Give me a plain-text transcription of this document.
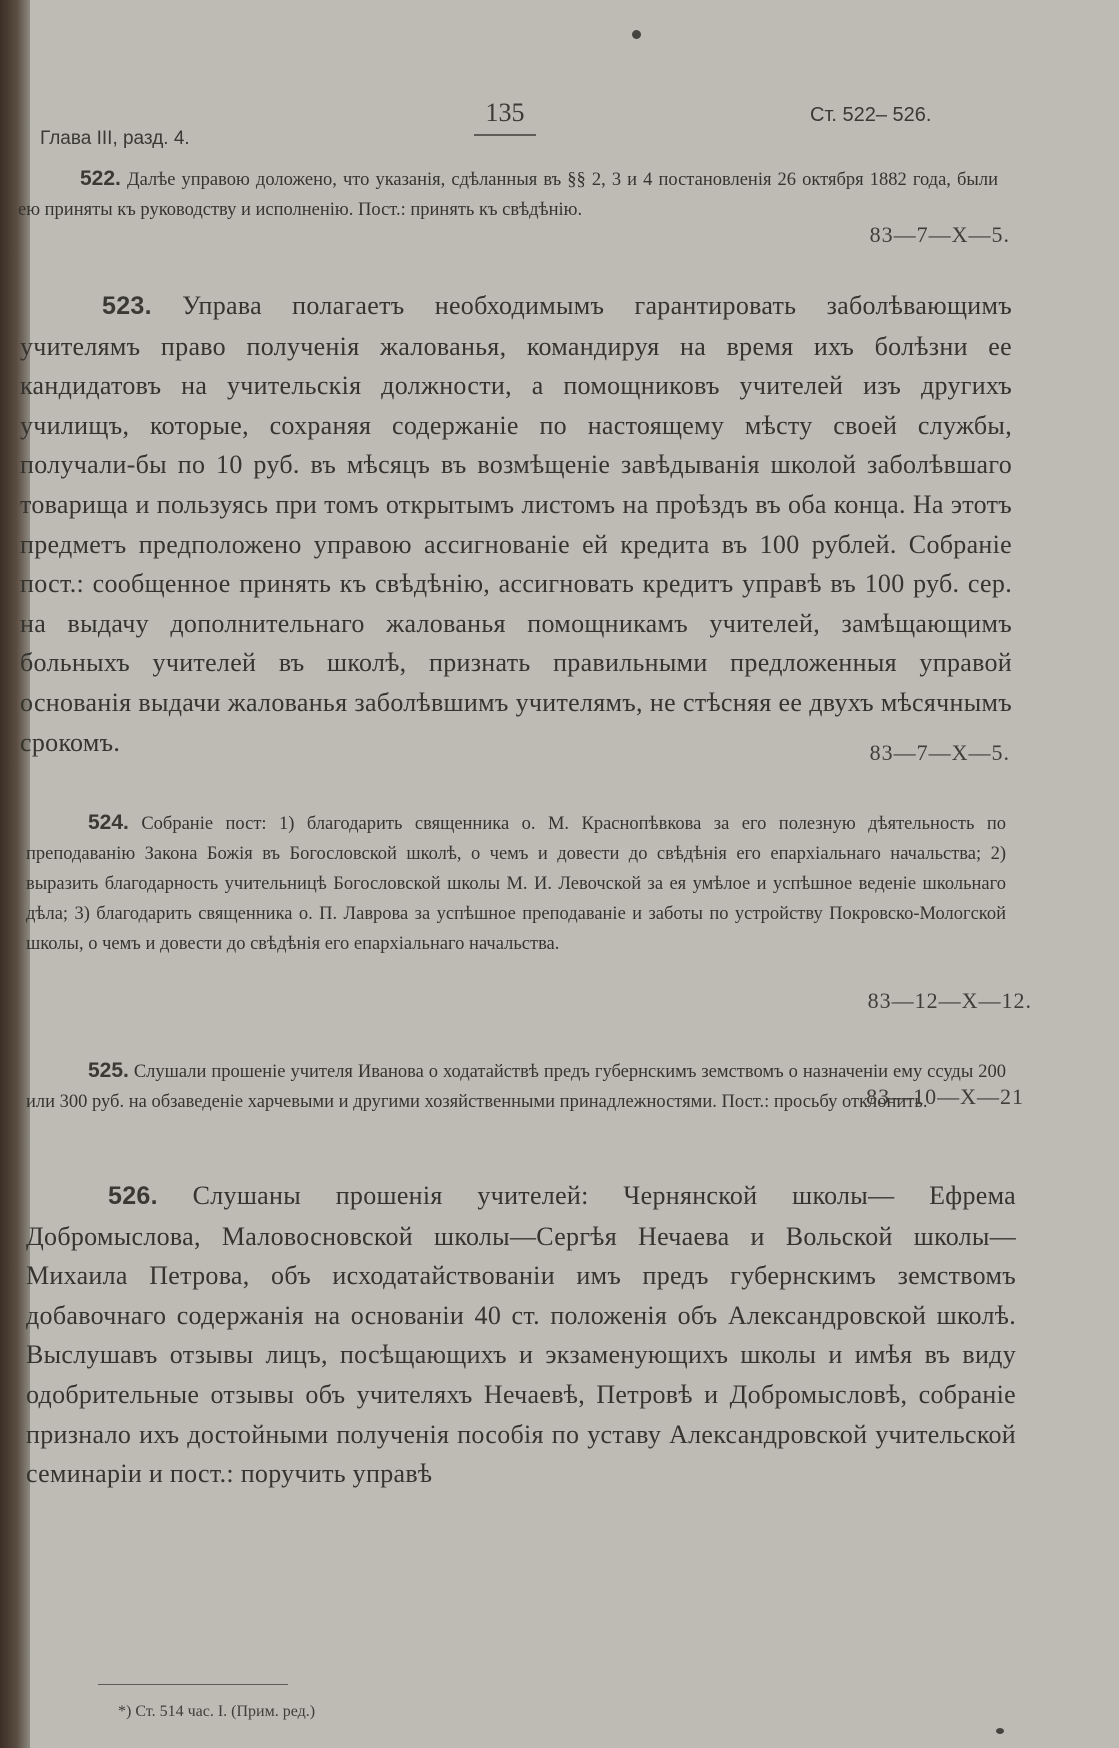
Глава III, разд. 4.
135	Ст. 522– 526.

522. Далѣе управою доложено, что указанія, сдѣланныя въ §§ 2, 3 и 4 постановленія 26 октября 1882 года, были ею приняты къ руководству и исполненію. Пост.: принять къ свѣдѣнію.

83—7—X—5.

523. Управа полагаетъ необходимымъ гарантировать заболѣвающимъ учителямъ право полученія жалованья, командируя на время ихъ болѣзни ее кандидатовъ на учительскія должности, а помощниковъ учителей изъ другихъ училищъ, которые, сохраняя содержаніе по настоящему мѣсту своей службы, получали-бы по 10 руб. въ мѣсяцъ въ возмѣщеніе завѣдыванія школой заболѣвшаго товарища и пользуясь при томъ открытымъ листомъ на проѣздъ въ оба конца. На этотъ предметъ предположено управою ассигнованіе ей кредита въ 100 рублей. Собраніе пост.: сообщенное принять къ свѣдѣнію, ассигновать кредитъ управѣ въ 100 руб. сер. на выдачу дополнительнаго жалованья помощникамъ учителей, замѣщающимъ больныхъ учителей въ школѣ, признать правильными предложенныя управой основанія выдачи жалованья заболѣвшимъ учителямъ, не стѣсняя ее двухъ мѣсячнымъ срокомъ.	83—7—X—5.

524. Собраніе пост: 1) благодарить священника о. М. Краснопѣвкова за его полезную дѣятельность по преподаванію Закона Божія въ Богословской школѣ, о чемъ и довести до свѣдѣнія его епархіальнаго начальства; 2) выразить благодарность учительницѣ Богословской школы М. И. Левочской за ея умѣлое и успѣшное веденіе школьнаго дѣла; 3) благодарить священника о. П. Лаврова за успѣшное преподаваніе и заботы по устройству Покровско-Мологской школы, о чемъ и довести до свѣдѣнія его епархіальнаго начальства.

83—12—X—12.

525. Слушали прошеніе учителя Иванова о ходатайствѣ предъ губернскимъ земствомъ о назначеніи ему ссуды 200 или 300 руб. на обзаведеніе харчевыми и другими хозяйственными принадлежностями. Пост.: просьбу отклонить.

83—10—X—21

526. Слушаны прошенія учителей: Чернянской школы— Ефрема Добромыслова, Маловосновской школы—Сергѣя Нечаева и Вольской школы—Михаила Петрова, объ исходатайствованіи имъ предъ губернскимъ земствомъ добавочнаго содержанія на основаніи 40 ст. положенія объ Александровской школѣ. Выслушавъ отзывы лицъ, посѣщающихъ и экзаменующихъ школы и имѣя въ виду одобрительные отзывы объ учителяхъ Нечаевѣ, Петровѣ и Добромысловѣ, собраніе признало ихъ достойными полученія пособія по уставу Александровской учительской семинаріи и пост.: поручить управѣ

*) Ст. 514 час. I. (Прим. ред.)
